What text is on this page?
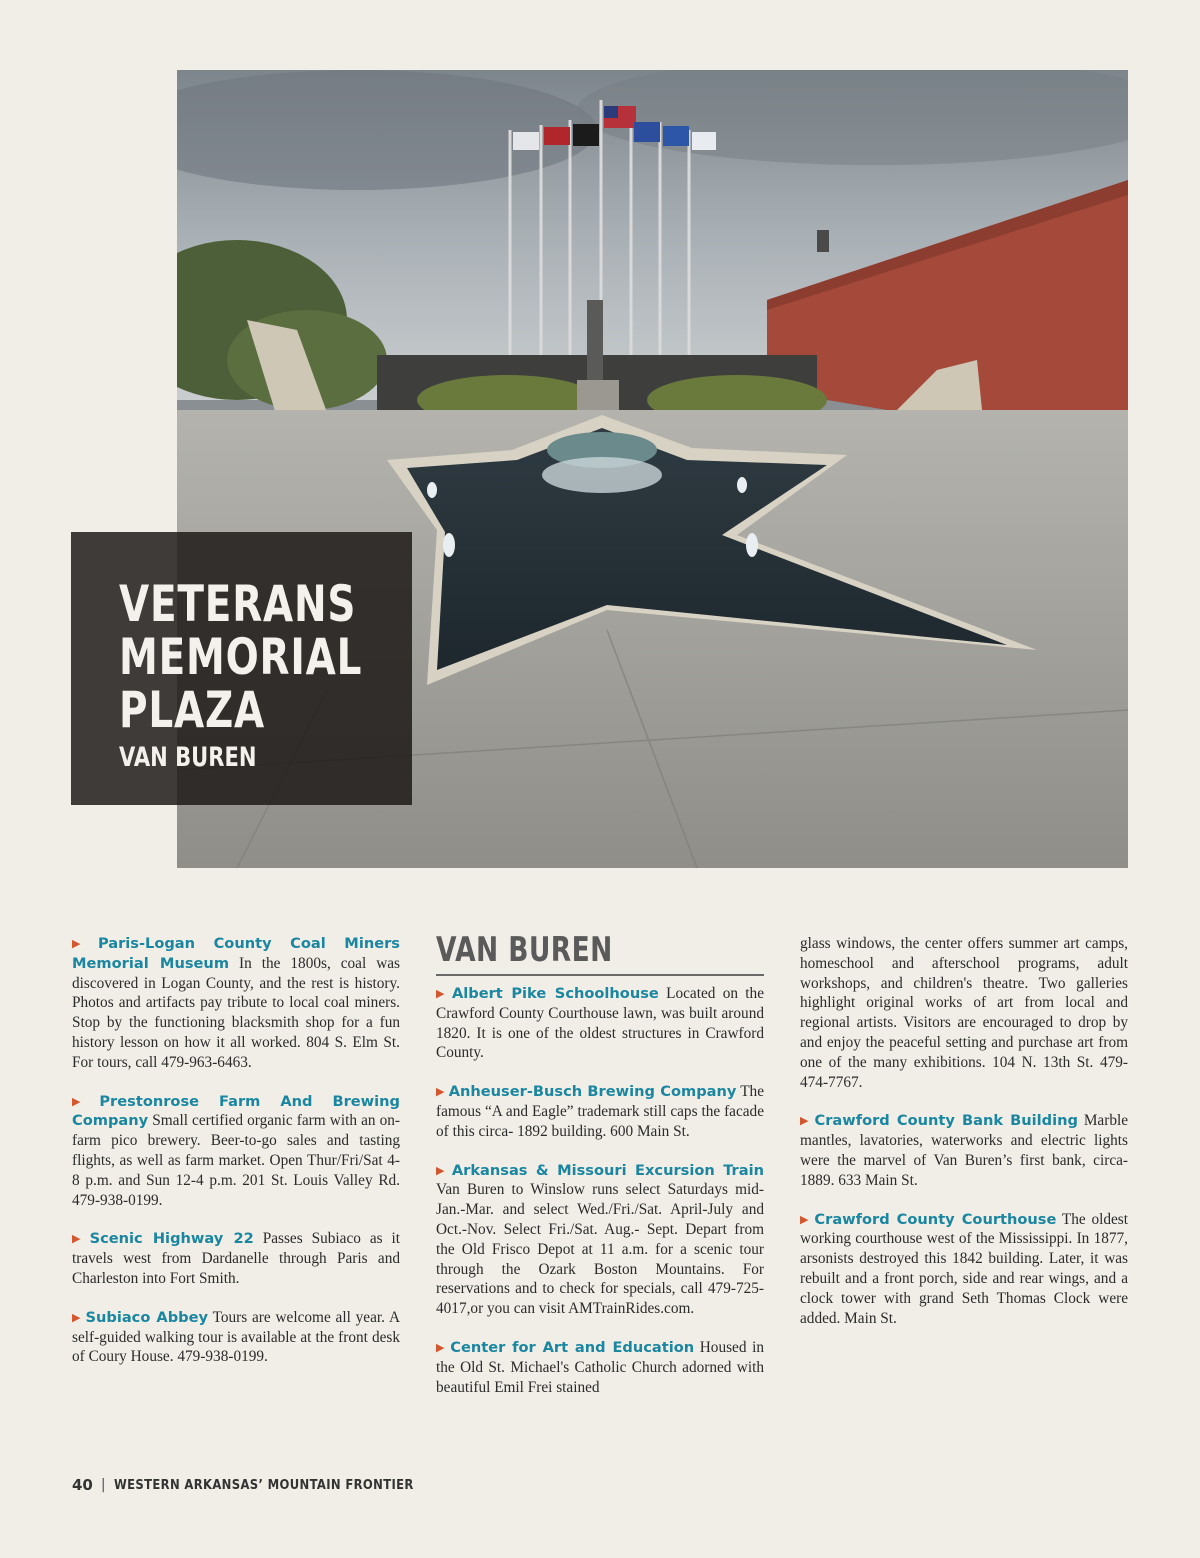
VETERANS
MEMORIAL
PLAZA
VAN BUREN

▶ Paris-Logan County Coal Miners Memorial Museum In the 1800s, coal was discovered in Logan County, and the rest is history. Photos and artifacts pay tribute to local coal miners. Stop by the functioning blacksmith shop for a fun history lesson on how it all worked. 804 S. Elm St. For tours, call 479-963-6463.

▶ Prestonrose Farm And Brewing Company Small certified organic farm with an on-farm pico brewery. Beer-to-go sales and tasting flights, as well as farm market. Open Thur/Fri/Sat 4-8 p.m. and Sun 12-4 p.m. 201 St. Louis Valley Rd. 479-938-0199.

▶ Scenic Highway 22 Passes Subiaco as it travels west from Dardanelle through Paris and Charleston into Fort Smith.

▶ Subiaco Abbey Tours are welcome all year. A self-guided walking tour is available at the front desk of Coury House. 479-938-0199.

VAN BUREN

▶ Albert Pike Schoolhouse Located on the Crawford County Courthouse lawn, was built around 1820. It is one of the oldest structures in Crawford County.

▶ Anheuser-Busch Brewing Company The famous “A and Eagle” trademark still caps the facade of this circa- 1892 building. 600 Main St.

▶ Arkansas & Missouri Excursion Train Van Buren to Winslow runs select Saturdays mid-Jan.-Mar. and select Wed./Fri./Sat. April-July and Oct.-Nov. Select Fri./Sat. Aug.- Sept. Depart from the Old Frisco Depot at 11 a.m. for a scenic tour through the Ozark Boston Mountains. For reservations and to check for specials, call 479-725-4017,or you can visit AMTrainRides.com.

▶ Center for Art and Education Housed in the Old St. Michael's Catholic Church adorned with beautiful Emil Frei stained

glass windows, the center offers summer art camps, homeschool and afterschool programs, adult workshops, and children's theatre. Two galleries highlight original works of art from local and regional artists. Visitors are encouraged to drop by and enjoy the peaceful setting and purchase art from one of the many exhibitions. 104 N. 13th St. 479-474-7767.

▶ Crawford County Bank Building Marble mantles, lavatories, waterworks and electric lights were the marvel of Van Buren’s first bank, circa-1889. 633 Main St.

▶ Crawford County Courthouse The oldest working courthouse west of the Mississippi. In 1877, arsonists destroyed this 1842 building. Later, it was rebuilt and a front porch, side and rear wings, and a clock tower with grand Seth Thomas Clock were added. Main St.

40 | WESTERN ARKANSAS’ MOUNTAIN FRONTIER
